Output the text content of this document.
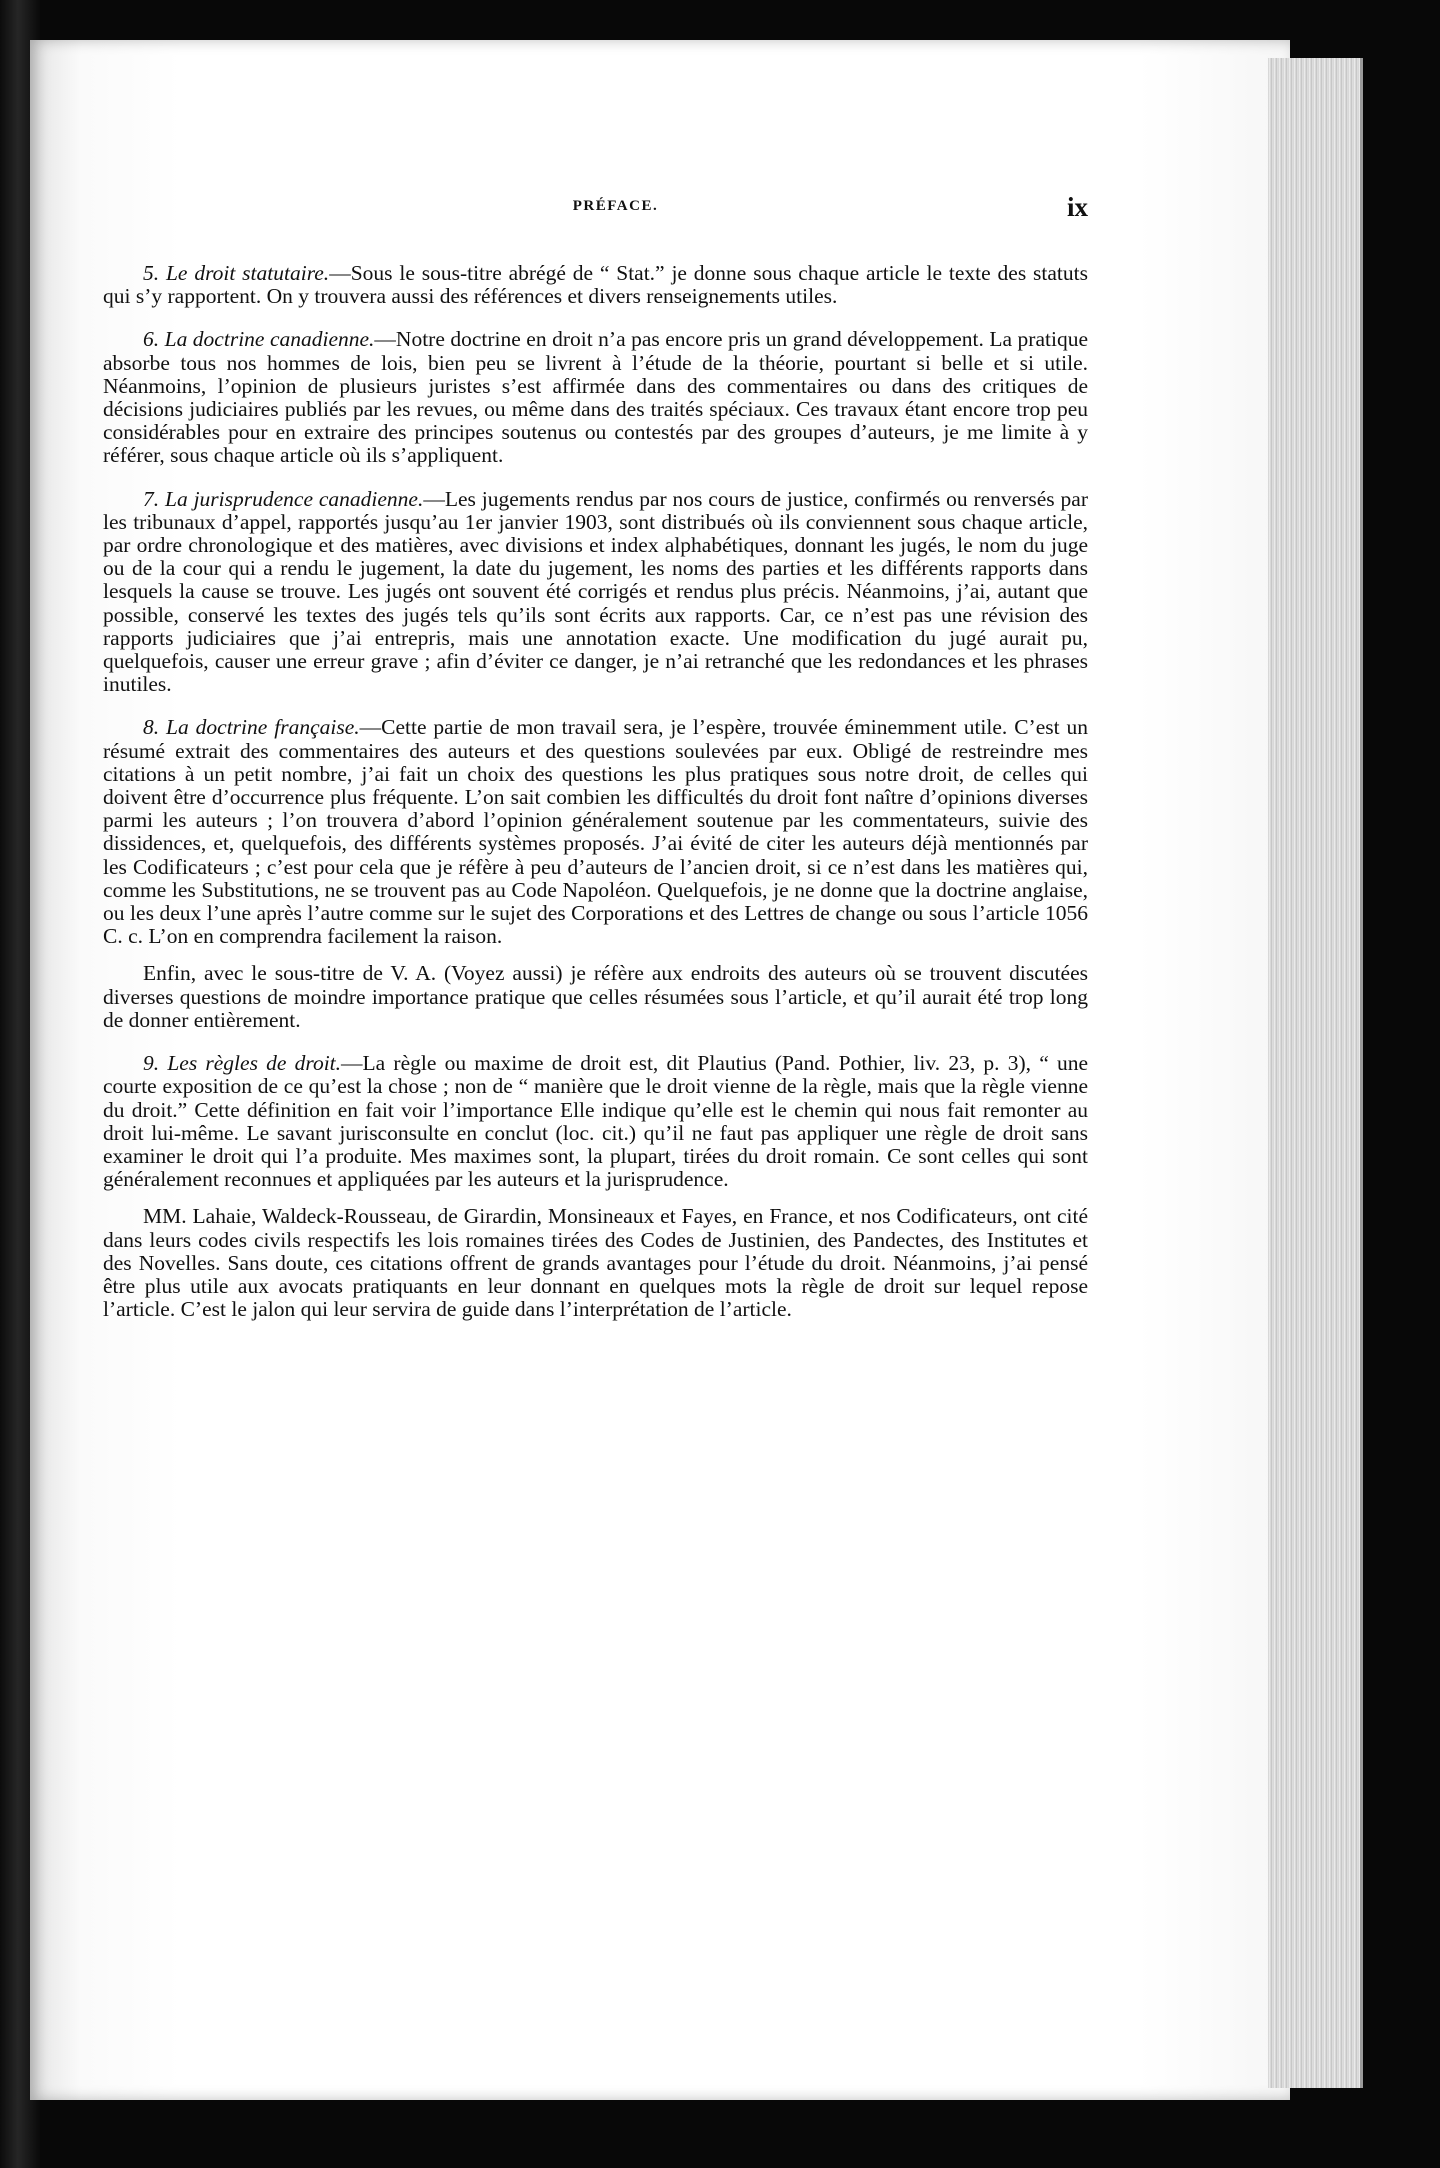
PRÉFACE.	ix

5. Le droit statutaire.—Sous le sous-titre abrégé de “ Stat.” je donne sous chaque article le texte des statuts qui s’y rapportent. On y trouvera aussi des références et divers renseignements utiles.

6. La doctrine canadienne.—Notre doctrine en droit n’a pas encore pris un grand développement. La pratique absorbe tous nos hommes de lois, bien peu se livrent à l’étude de la théorie, pourtant si belle et si utile. Néanmoins, l’opinion de plusieurs juristes s’est affirmée dans des commentaires ou dans des critiques de décisions judiciaires publiés par les revues, ou même dans des traités spéciaux. Ces travaux étant encore trop peu considérables pour en extraire des principes soutenus ou contestés par des groupes d’auteurs, je me limite à y référer, sous chaque article où ils s’appliquent.

7. La jurisprudence canadienne.—Les jugements rendus par nos cours de justice, confirmés ou renversés par les tribunaux d’appel, rapportés jusqu’au 1er janvier 1903, sont distribués où ils conviennent sous chaque article, par ordre chronologique et des matières, avec divisions et index alphabétiques, donnant les jugés, le nom du juge ou de la cour qui a rendu le jugement, la date du jugement, les noms des parties et les différents rapports dans lesquels la cause se trouve. Les jugés ont souvent été corrigés et rendus plus précis. Néanmoins, j’ai, autant que possible, conservé les textes des jugés tels qu’ils sont écrits aux rapports. Car, ce n’est pas une révision des rapports judiciaires que j’ai entrepris, mais une annotation exacte. Une modification du jugé aurait pu, quelquefois, causer une erreur grave ; afin d’éviter ce danger, je n’ai retranché que les redondances et les phrases inutiles.

8. La doctrine française.—Cette partie de mon travail sera, je l’espère, trouvée éminemment utile. C’est un résumé extrait des commentaires des auteurs et des questions soulevées par eux. Obligé de restreindre mes citations à un petit nombre, j’ai fait un choix des questions les plus pratiques sous notre droit, de celles qui doivent être d’occurrence plus fréquente. L’on sait combien les difficultés du droit font naître d’opinions diverses parmi les auteurs ; l’on trouvera d’abord l’opinion généralement soutenue par les commentateurs, suivie des dissidences, et, quelquefois, des différents systèmes proposés. J’ai évité de citer les auteurs déjà mentionnés par les Codificateurs ; c’est pour cela que je réfère à peu d’auteurs de l’ancien droit, si ce n’est dans les matières qui, comme les Substitutions, ne se trouvent pas au Code Napoléon. Quelquefois, je ne donne que la doctrine anglaise, ou les deux l’une après l’autre comme sur le sujet des Corporations et des Lettres de change ou sous l’article 1056 C. c. L’on en comprendra facilement la raison.

Enfin, avec le sous-titre de V. A. (Voyez aussi) je réfère aux endroits des auteurs où se trouvent discutées diverses questions de moindre importance pratique que celles résumées sous l’article, et qu’il aurait été trop long de donner entièrement.

9. Les règles de droit.—La règle ou maxime de droit est, dit Plautius (Pand. Pothier, liv. 23, p. 3), “ une courte exposition de ce qu’est la chose ; non de “ manière que le droit vienne de la règle, mais que la règle vienne du droit.” Cette définition en fait voir l’importance Elle indique qu’elle est le chemin qui nous fait remonter au droit lui-même. Le savant jurisconsulte en conclut (loc. cit.) qu’il ne faut pas appliquer une règle de droit sans examiner le droit qui l’a produite. Mes maximes sont, la plupart, tirées du droit romain. Ce sont celles qui sont généralement reconnues et appliquées par les auteurs et la jurisprudence.

MM. Lahaie, Waldeck-Rousseau, de Girardin, Monsineaux et Fayes, en France, et nos Codificateurs, ont cité dans leurs codes civils respectifs les lois romaines tirées des Codes de Justinien, des Pandectes, des Institutes et des Novelles. Sans doute, ces citations offrent de grands avantages pour l’étude du droit. Néanmoins, j’ai pensé être plus utile aux avocats pratiquants en leur donnant en quelques mots la règle de droit sur lequel repose l’article. C’est le jalon qui leur servira de guide dans l’interprétation de l’article.
